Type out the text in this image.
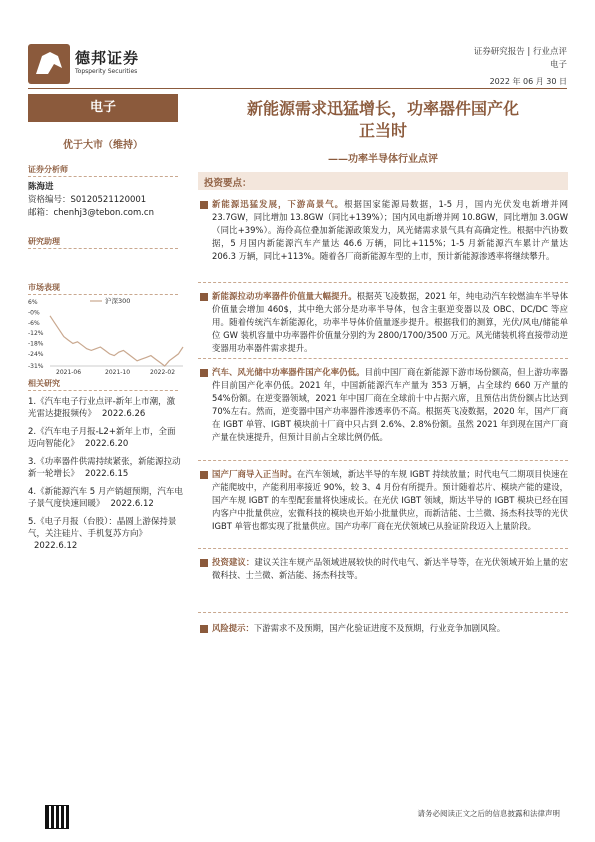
德邦证券
Topsperity Securities
证券研究报告 | 行业点评
电子
2022 年 06 月 30 日
电子
优于大市（维持）
证券分析师
陈海进
资格编号：S0120521120001
邮箱：chenhj3@tebon.com.cn
研究助理
市场表现
6%
-0%
-6%
-12%
-18%
-24%
-31%
2021-06	2021-10	2022-02
沪深300
相关研究
1.《汽车电子行业点评-新年上市潮，激光雷达捷报频传》 2022.6.26
2.《汽车电子月报-L2+新年上市，全面迈向智能化》 2022.6.20
3.《功率器件供需持续紧张，新能源拉动新一轮增长》 2022.6.15
4.《新能源汽车 5 月产销超预期，汽车电子景气度快速回暖》 2022.6.12
5.《电子月报（台股）：晶圆上游保持景气，关注硅片、手机复苏方向》2022.6.12
新能源需求迅猛增长，功率器件国产化
正当时
——功率半导体行业点评
投资要点：
新能源迅猛发展，下游高景气。根据国家能源局数据，1-5 月，国内光伏发电新增并网 23.7GW，同比增加 13.8GW（同比+139%）；国内风电新增并网 10.8GW，同比增加 3.0GW（同比+39%）。海伶高位叠加新能源政策发力，风光储需求景气具有高确定性。根据中汽协数据，5 月国内新能源汽车产量达 46.6 万辆，同比+115%；1-5 月新能源汽车累计产量达 206.3 万辆，同比+113%。随着各厂商新能源车型的上市，预计新能源渗透率将继续攀升。
新能源拉动功率器件价值量大幅提升。根据英飞凌数据，2021 年，纯电动汽车较燃油车半导体价值量会增加 460$，其中绝大部分是功率半导体，包含主驱逆变器以及 OBC、DC/DC 等应用。随着传统汽车新能源化，功率半导体价值量逐步提升。根据我们的测算，光伏/风电/储能单位 GW 装机容量中功率器件价值量分别约为 2800/1700/3500 万元。风光储装机将直接带动逆变器用功率器件需求提升。
汽车、风光储中功率器件国产化率仍低。目前中国厂商在新能源下游市场份额高，但上游功率器件目前国产化率仍低。2021 年，中国新能源汽车产量为 353 万辆，占全球约 660 万产量的 54%份额。在逆变器领域，2021 年中国厂商在全球前十中占据六席，且预估出货份额占比达到 70%左右。然而，逆变器中国产功率器件渗透率仍不高。根据英飞凌数据，2020 年，国产厂商在 IGBT 单管、IGBT 模块前十厂商中只占到 2.6%、2.8%份额。虽然 2021 年到现在国产厂商产量在快速提升，但预计目前占全球比例仍低。
国产厂商导入正当时。在汽车领域，新达半导的车规 IGBT 持续放量；时代电气二期项目快速在产能爬坡中，产能利用率接近 90%，较 3、4 月份有所提升。预计随着芯片、模块产能的建设，国产车规 IGBT 的车型配套量将快速成长。在光伏 IGBT 领域，斯达半导的 IGBT 模块已经在国内客户中批量供应，宏微科技的模块也开始小批量供应，而新洁能、士兰微、扬杰科技等的光伏 IGBT 单管也都实现了批量供应。国产功率厂商在光伏领域已从验证阶段迈入上量阶段。
投资建议：建议关注车规产品领域进展较快的时代电气、新达半导等，在光伏领域开始上量的宏微科技、士兰微、新洁能、扬杰科技等。
风险提示：下游需求不及预期，国产化验证进度不及预期，行业竞争加剧风险。
请务必阅读正文之后的信息披露和法律声明
